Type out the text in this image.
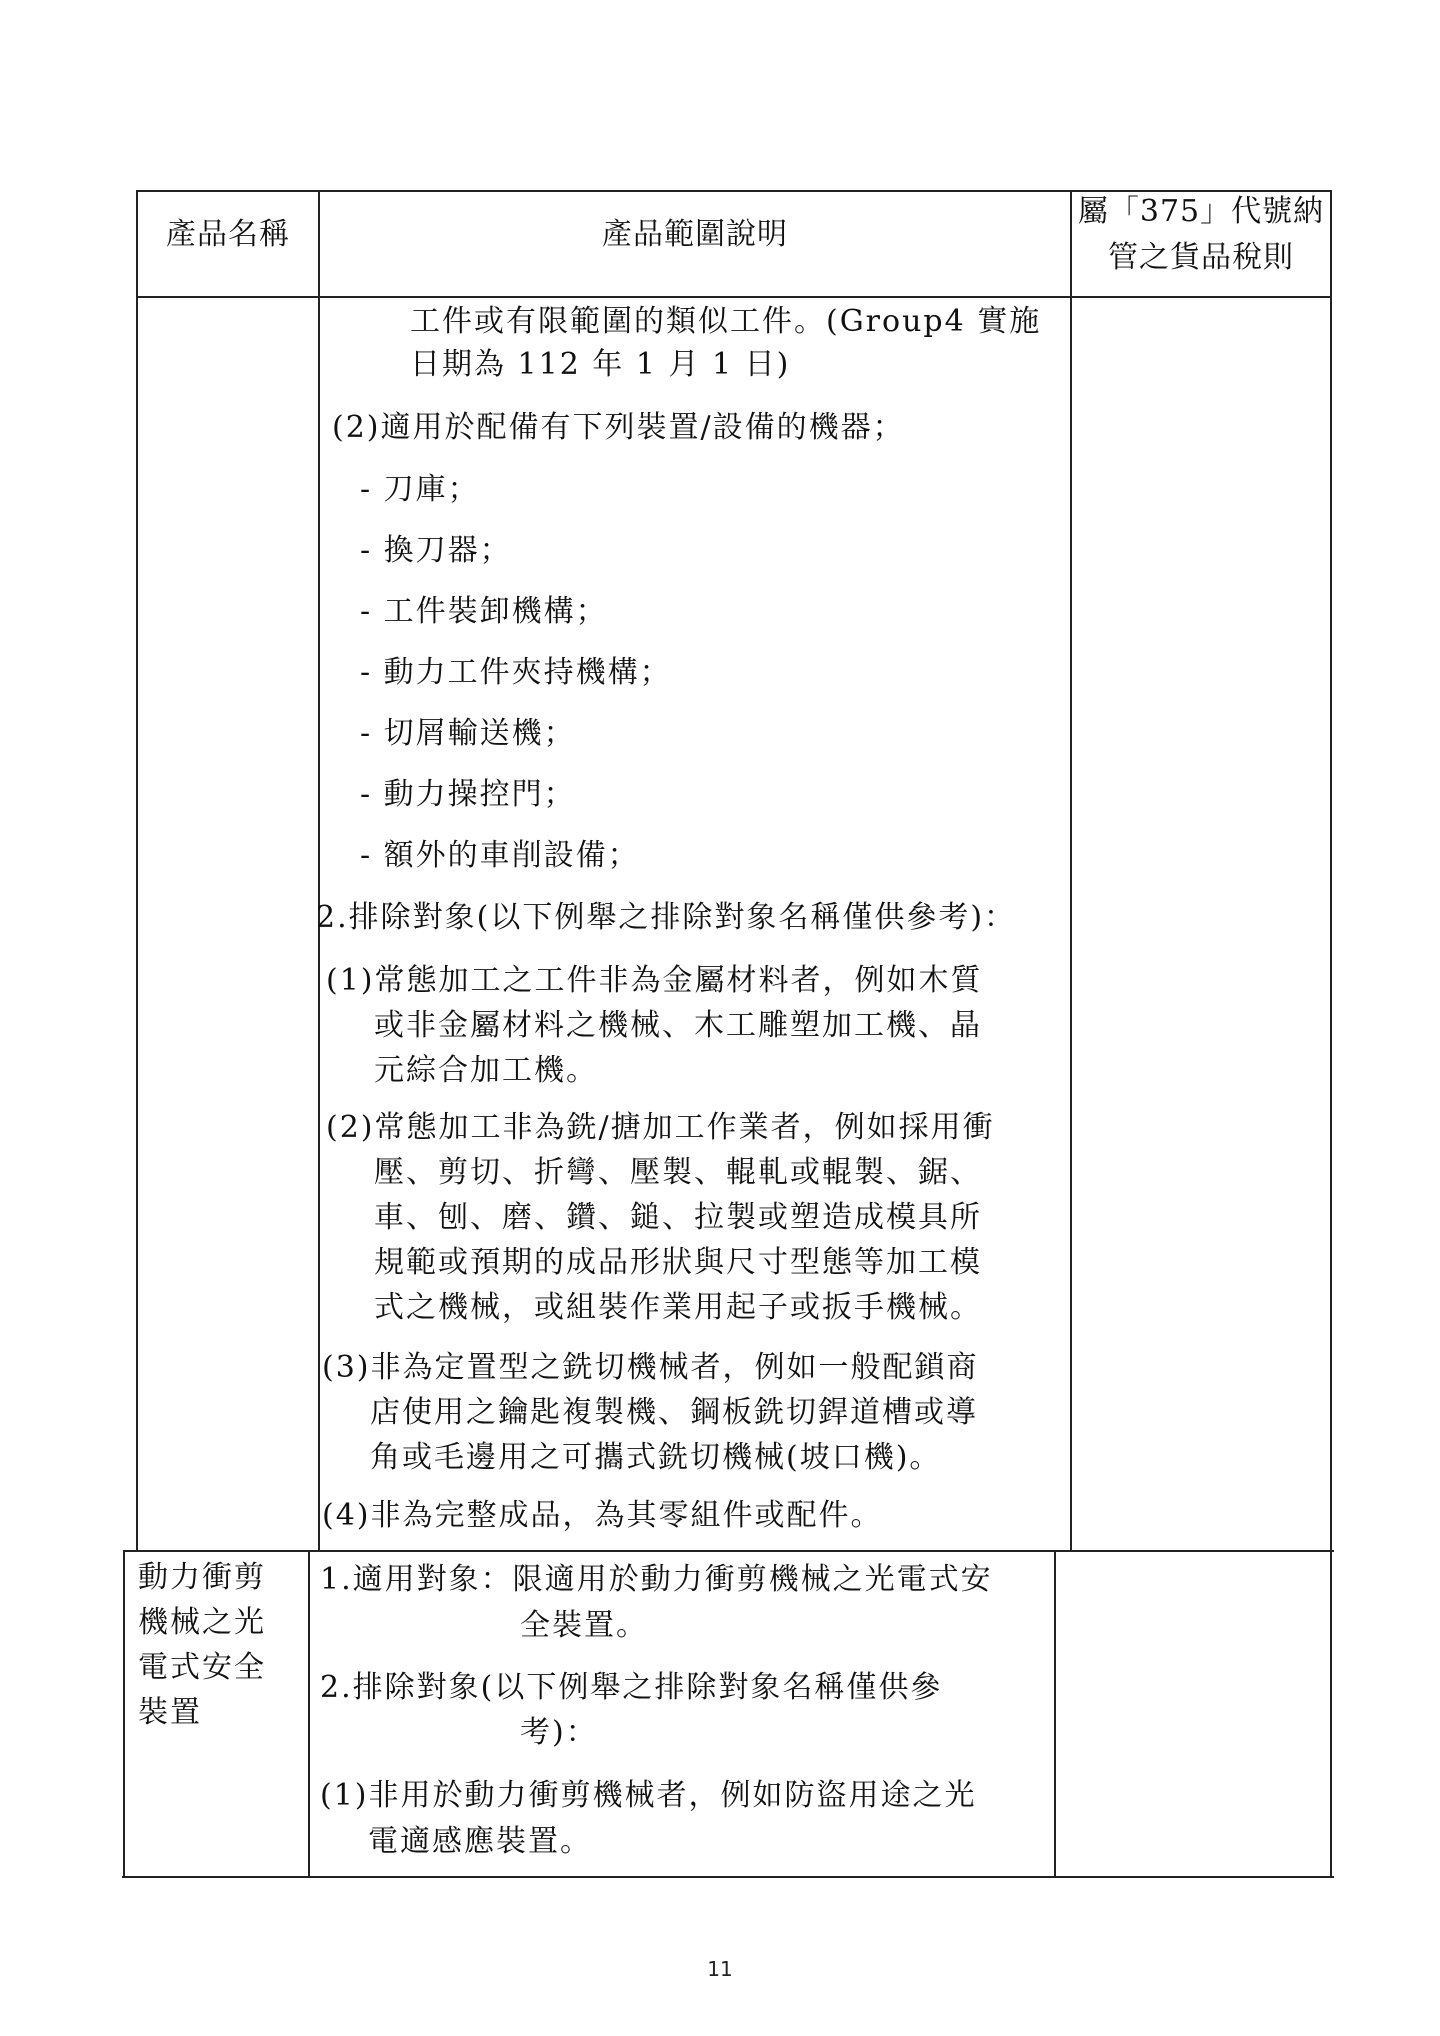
產品名稱	產品範圍說明
屬「375」代號納
管之貨品稅則
工件或有限範圍的類似工件。(Group4 實施
日期為 112 年 1 月 1 日)
(2)適用於配備有下列裝置/設備的機器；
- 刀庫；
- 換刀器；
- 工件裝卸機構；
- 動力工件夾持機構；
- 切屑輸送機；
- 動力操控門；
- 額外的車削設備；
2.排除對象(以下例舉之排除對象名稱僅供參考)：
(1)常態加工之工件非為金屬材料者，例如木質
或非金屬材料之機械、木工雕塑加工機、晶
元綜合加工機。
(2)常態加工非為銑/搪加工作業者，例如採用衝
壓、剪切、折彎、壓製、輥軋或輥製、鋸、
車、刨、磨、鑽、鎚、拉製或塑造成模具所
規範或預期的成品形狀與尺寸型態等加工模
式之機械，或組裝作業用起子或扳手機械。
(3)非為定置型之銑切機械者，例如一般配鎖商
店使用之鑰匙複製機、鋼板銑切銲道槽或導
角或毛邊用之可攜式銑切機械(坡口機)。
(4)非為完整成品，為其零組件或配件。
動力衝剪
機械之光
電式安全
裝置
1.適用對象：限適用於動力衝剪機械之光電式安
全裝置。
2.排除對象(以下例舉之排除對象名稱僅供參
考)：
(1)非用於動力衝剪機械者，例如防盜用途之光
電適感應裝置。
11
